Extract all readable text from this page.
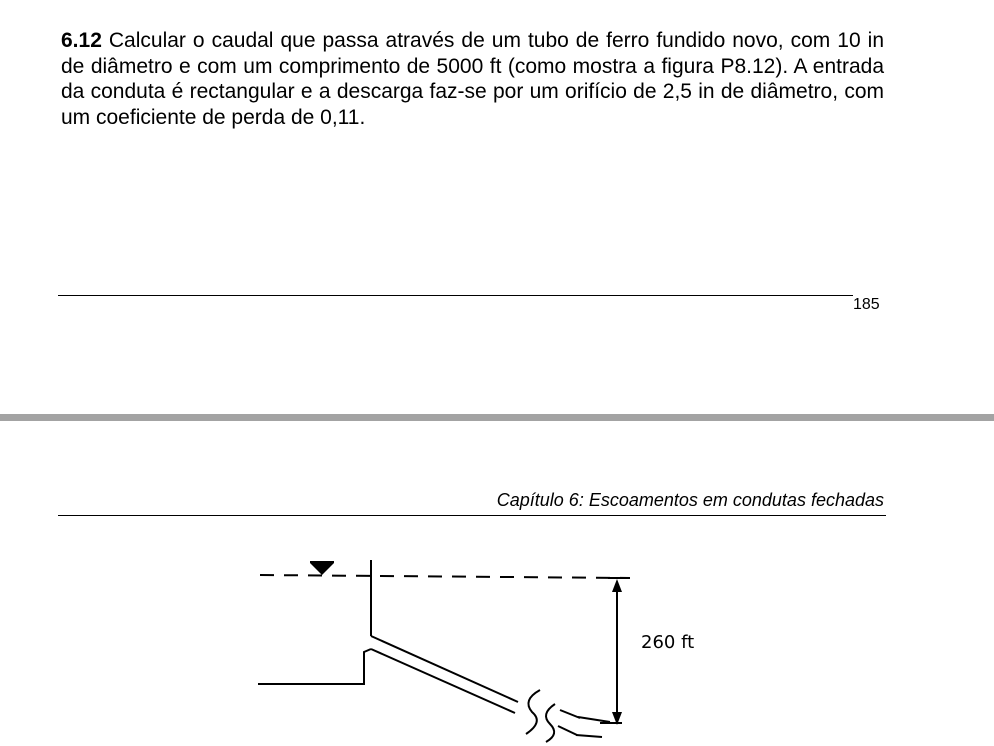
6.12 Calcular o caudal que passa através de um tubo de ferro fundido novo, com 10 in de diâmetro e com um comprimento de 5000 ft (como mostra a figura P8.12). A entrada da conduta é rectangular e a descarga faz-se por um orifício de 2,5 in de diâmetro, com um coeficiente de perda de 0,11.
185
Capítulo 6: Escoamentos em condutas fechadas
260 ft
